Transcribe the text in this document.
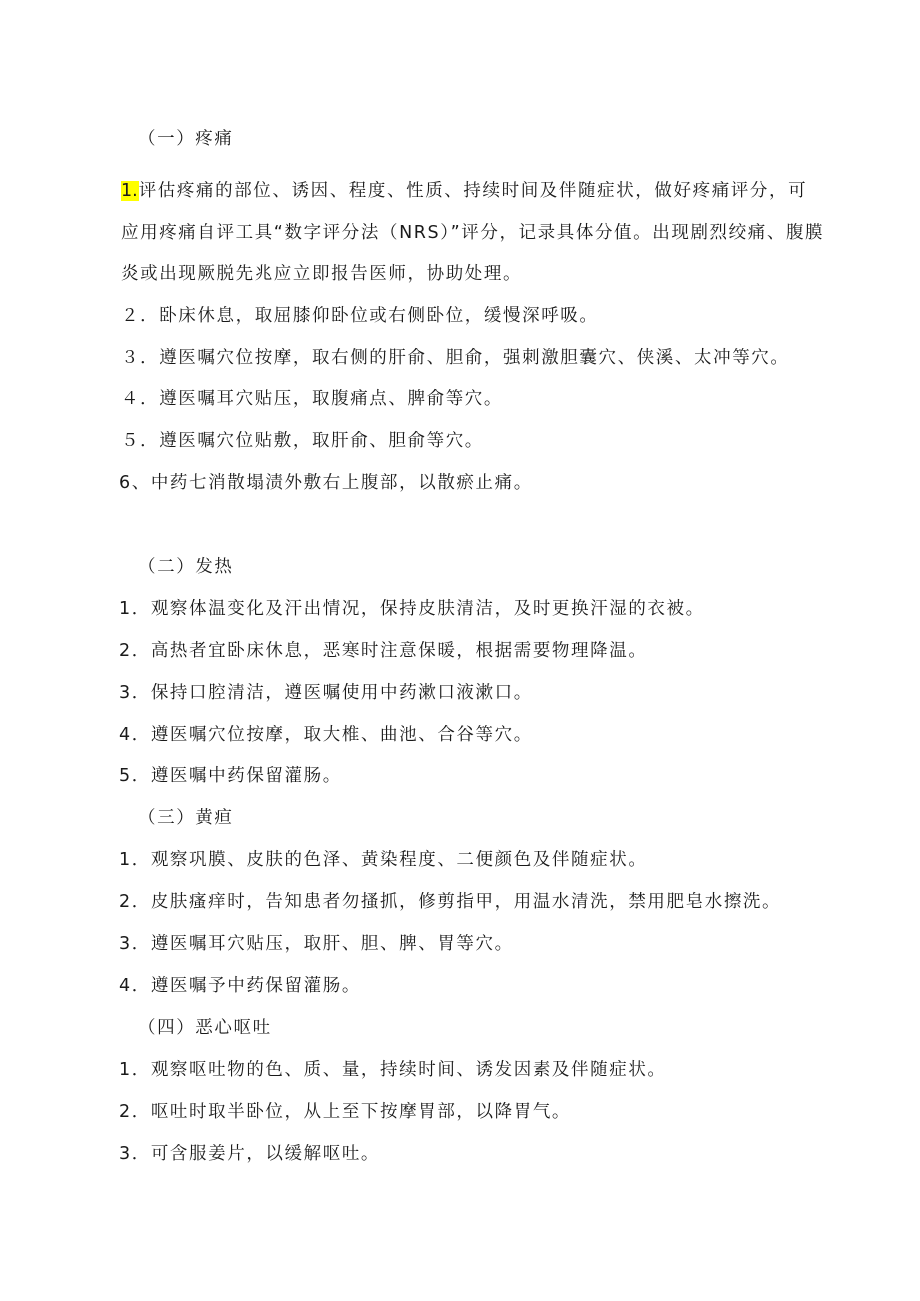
（一）疼痛
1.评估疼痛的部位、诱因、程度、性质、持续时间及伴随症状，做好疼痛评分，可
应用疼痛自评工具“数字评分法（NRS）”评分，记录具体分值。出现剧烈绞痛、腹膜
炎或出现厥脱先兆应立即报告医师，协助处理。
２．卧床休息，取屈膝仰卧位或右侧卧位，缓慢深呼吸。
３．遵医嘱穴位按摩，取右侧的肝俞、胆俞，强刺激胆囊穴、侠溪、太冲等穴。
４．遵医嘱耳穴贴压，取腹痛点、脾俞等穴。
５．遵医嘱穴位贴敷，取肝俞、胆俞等穴。
6、中药七消散塌渍外敷右上腹部，以散瘀止痛。
（二）发热
1．观察体温变化及汗出情况，保持皮肤清洁，及时更换汗湿的衣被。
2．高热者宜卧床休息，恶寒时注意保暖，根据需要物理降温。
3．保持口腔清洁，遵医嘱使用中药漱口液漱口。
4．遵医嘱穴位按摩，取大椎、曲池、合谷等穴。
5．遵医嘱中药保留灌肠。
（三）黄疸
1．观察巩膜、皮肤的色泽、黄染程度、二便颜色及伴随症状。
2．皮肤瘙痒时，告知患者勿搔抓，修剪指甲，用温水清洗，禁用肥皂水擦洗。
3．遵医嘱耳穴贴压，取肝、胆、脾、胃等穴。
4．遵医嘱予中药保留灌肠。
（四）恶心呕吐
1．观察呕吐物的色、质、量，持续时间、诱发因素及伴随症状。
2．呕吐时取半卧位，从上至下按摩胃部，以降胃气。
3．可含服姜片，以缓解呕吐。
